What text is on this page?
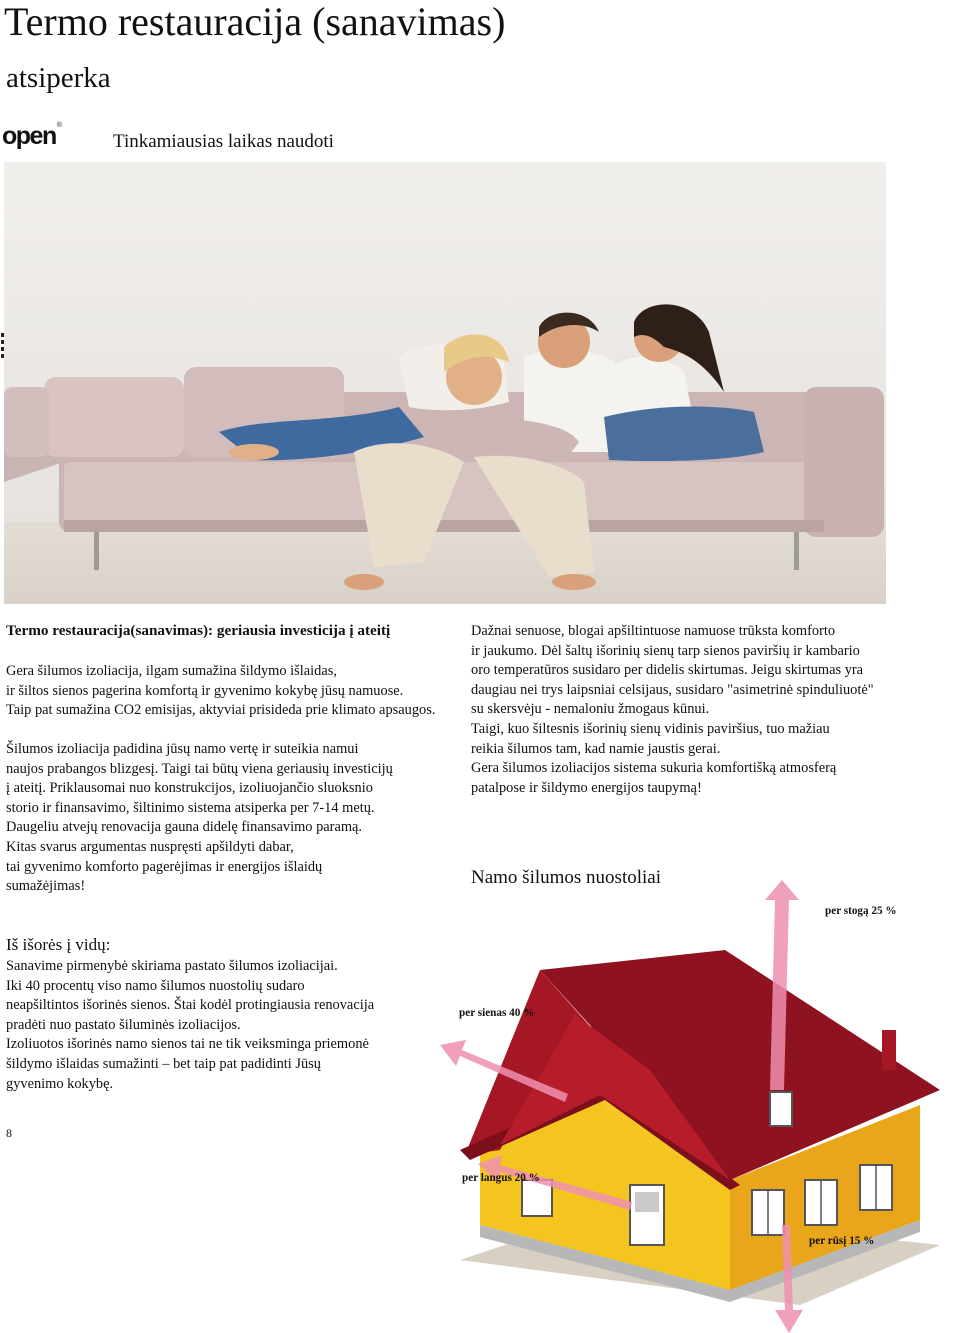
Termo restauracija (sanavimas)
atsiperka
open®
Tinkamiausias laikas naudoti
Termo restauracija(sanavimas): geriausia investicija į ateitį

Gera šilumos izoliacija, ilgam sumažina šildymo išlaidas,

ir šiltos sienos pagerina komfortą ir gyvenimo kokybę jūsų namuose.

Taip pat sumažina CO2 emisijas, aktyviai prisideda prie klimato apsaugos.

Šilumos izoliacija padidina jūsų namo vertę ir suteikia namui

naujos prabangos blizgesį. Taigi tai būtų viena geriausių investicijų

į ateitį. Priklausomai nuo konstrukcijos, izoliuojančio sluoksnio

storio ir finansavimo, šiltinimo sistema atsiperka per 7-14 metų.

Daugeliu atvejų renovacija gauna didelę finansavimo paramą.

Kitas svarus argumentas nuspręsti apšildyti dabar,

tai gyvenimo komforto pagerėjimas ir energijos išlaidų

sumažėjimas!

Dažnai senuose, blogai apšiltintuose namuose trūksta komforto

ir jaukumo. Dėl šaltų išorinių sienų tarp sienos paviršių ir kambario

oro temperatūros susidaro per didelis skirtumas. Jeigu skirtumas yra

daugiau nei trys laipsniai celsijaus, susidaro "asimetrinė spinduliuotė"

su skersvėju - nemaloniu žmogaus kūnui.

Taigi, kuo šiltesnis išorinių sienų vidinis paviršius, tuo mažiau

reikia šilumos tam, kad namie jaustis gerai.

Gera šilumos izoliacijos sistema sukuria komfortišką atmosferą

patalpose ir šildymo energijos taupymą!

Namo šilumos nuostoliai
per stogą 25 %
per sienas 40 %
per langus 20 %
per rūsį 15 %
Iš išorės į vidų:

Sanavime pirmenybė skiriama pastato šilumos izoliacijai.

Iki 40 procentų viso namo šilumos nuostolių sudaro

neapšiltintos išorinės sienos. Štai kodėl protingiausia renovacija

pradėti nuo pastato šiluminės izoliacijos.

Izoliuotos išorinės namo sienos tai ne tik veiksminga priemonė

šildymo išlaidas sumažinti – bet taip pat padidinti Jūsų

gyvenimo kokybę.

8
